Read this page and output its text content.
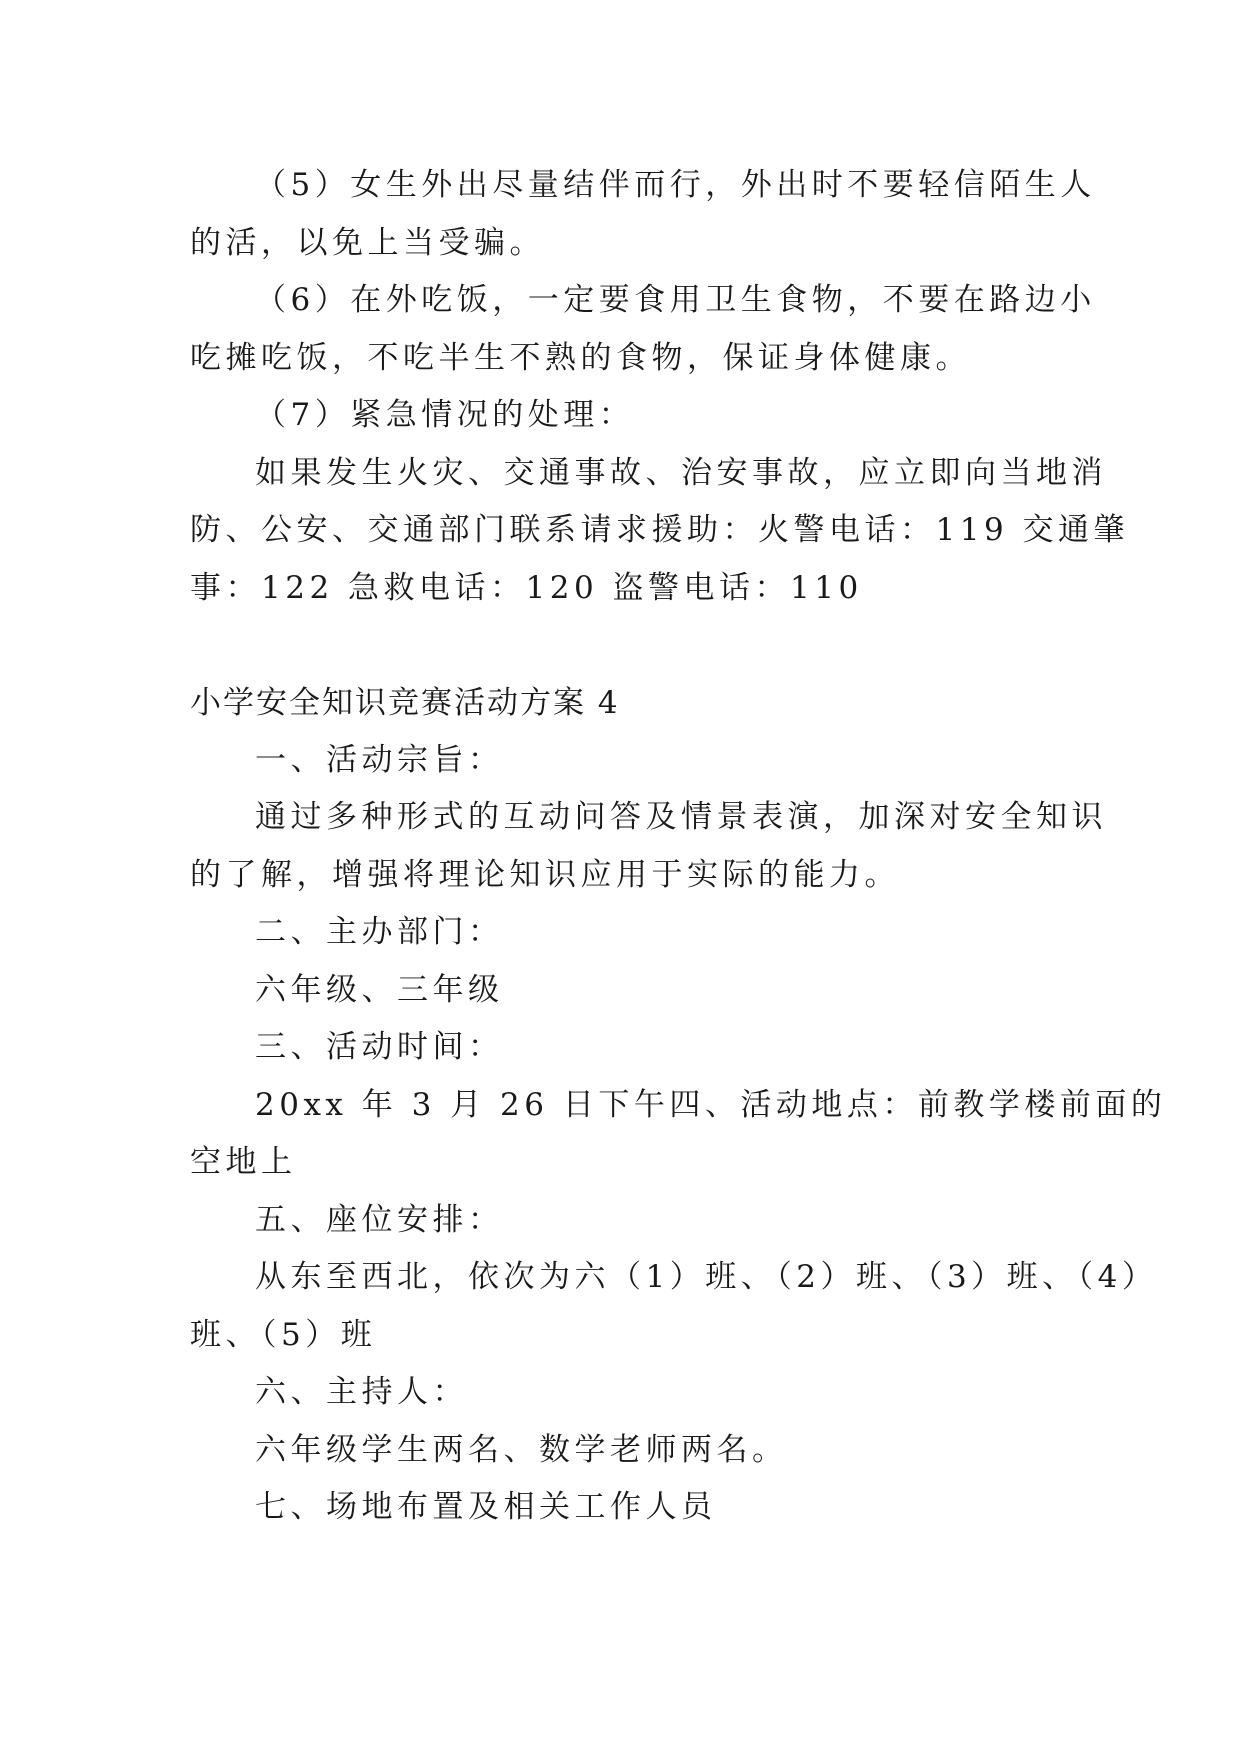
（5）女生外出尽量结伴而行，外出时不要轻信陌生人
的活，以免上当受骗。
（6）在外吃饭，一定要食用卫生食物，不要在路边小
吃摊吃饭，不吃半生不熟的食物，保证身体健康。
（7）紧急情况的处理：
如果发生火灾、交通事故、治安事故，应立即向当地消
防、公安、交通部门联系请求援助：火警电话：119 交通肇
事：122 急救电话：120 盗警电话：110
小学安全知识竞赛活动方案 4
一、活动宗旨：
通过多种形式的互动问答及情景表演，加深对安全知识
的了解，增强将理论知识应用于实际的能力。
二、主办部门：
六年级、三年级
三、活动时间：
20xx 年 3 月 26 日下午四、活动地点：前教学楼前面的
空地上
五、座位安排：
从东至西北，依次为六（1）班、（2）班、（3）班、（4）
班、（5）班
六、主持人：
六年级学生两名、数学老师两名。
七、场地布置及相关工作人员
